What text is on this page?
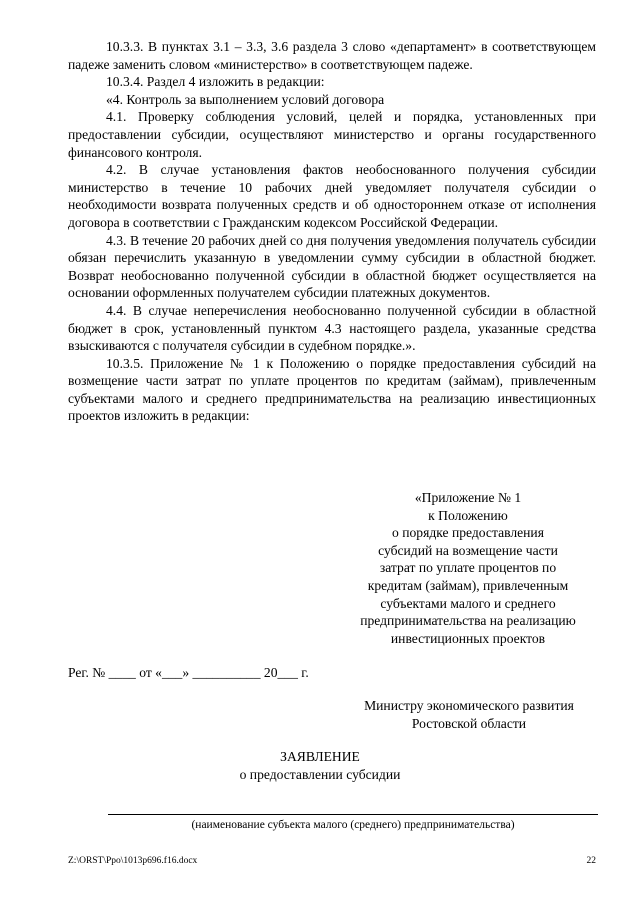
10.3.3. В пунктах 3.1 – 3.3, 3.6 раздела 3 слово «департамент» в соответствующем падеже заменить словом «министерство» в соответствующем падеже.

10.3.4. Раздел 4 изложить в редакции:

«4. Контроль за выполнением условий договора

4.1. Проверку соблюдения условий, целей и порядка, установленных при предоставлении субсидии, осуществляют министерство и органы государственного финансового контроля.

4.2. В случае установления фактов необоснованного получения субсидии министерство в течение 10 рабочих дней уведомляет получателя субсидии о необходимости возврата полученных средств и об одностороннем отказе от исполнения договора в соответствии с Гражданским кодексом Российской Федерации.

4.3. В течение 20 рабочих дней со дня получения уведомления получатель субсидии обязан перечислить указанную в уведомлении сумму субсидии в областной бюджет. Возврат необоснованно полученной субсидии в областной бюджет осуществляется на основании оформленных получателем субсидии платежных документов.

4.4. В случае неперечисления необоснованно полученной субсидии в областной бюджет в срок, установленный пунктом 4.3 настоящего раздела, указанные средства взыскиваются с получателя субсидии в судебном порядке.».

10.3.5. Приложение № 1 к Положению о порядке предоставления субсидий на возмещение части затрат по уплате процентов по кредитам (займам), привлеченным субъектами малого и среднего предпринимательства на реализацию инвестиционных проектов изложить в редакции:

«Приложение № 1
к Положению
о порядке предоставления
субсидий на возмещение части
затрат по уплате процентов по
кредитам (займам), привлеченным
субъектами малого и среднего
предпринимательства на реализацию
инвестиционных проектов
Рег. № ____ от «___» __________ 20___ г.
Министру экономического развития
Ростовской области
ЗАЯВЛЕНИЕ
о предоставлении субсидии
(наименование субъекта малого (среднего) предпринимательства)
Z:\ORST\Ppo\1013p696.f16.docx	22
